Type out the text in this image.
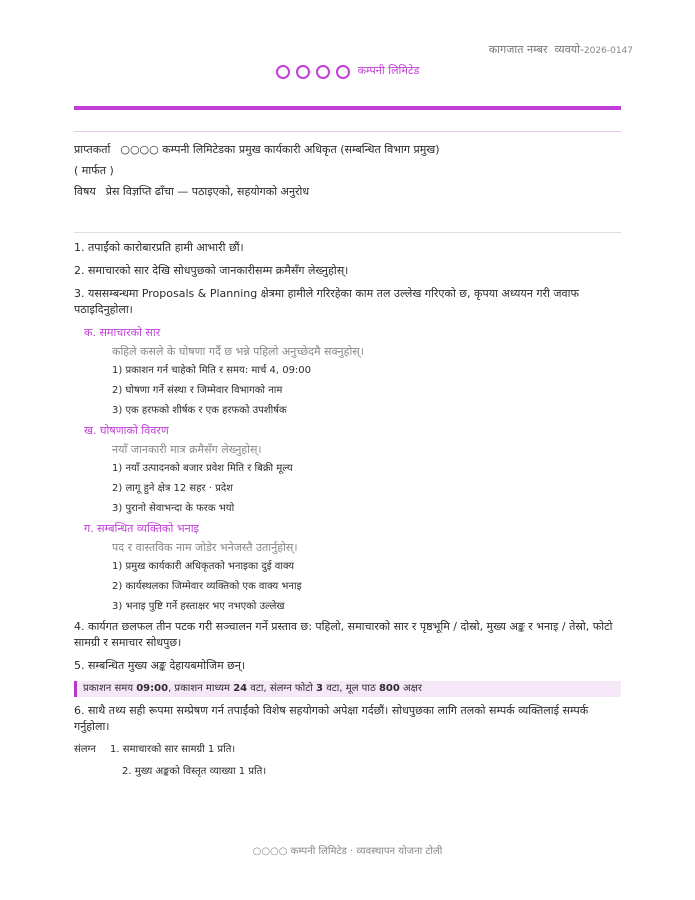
कागजात नम्बर व्यवयो-2026-0147
कम्पनी लिमिटेड
प्राप्तकर्ता ○○○○ कम्पनी लिमिटेडका प्रमुख कार्यकारी अधिकृत (सम्बन्धित विभाग प्रमुख)
( मार्फत )
विषय प्रेस विज्ञप्ति ढाँचा — पठाइएको, सहयोगको अनुरोध
1. तपाईंको कारोबारप्रति हामी आभारी छौं।
2. समाचारको सार देखि सोधपुछको जानकारीसम्म क्रमैसँग लेख्नुहोस्।
3. यससम्बन्धमा Proposals & Planning क्षेत्रमा हामीले गरिरहेका काम तल उल्लेख गरिएको छ, कृपया अध्ययन गरी जवाफ पठाइदिनुहोला।
क. समाचारको सार
कहिले कसले के घोषणा गर्दै छ भन्ने पहिलो अनुच्छेदमै सक्नुहोस्।
1) प्रकाशन गर्न चाहेको मिति र समय: मार्च 4, 09:00
2) घोषणा गर्ने संस्था र जिम्मेवार विभागको नाम
3) एक हरफको शीर्षक र एक हरफको उपशीर्षक
ख. घोषणाको विवरण
नयाँ जानकारी मात्र क्रमैसँग लेख्नुहोस्।
1) नयाँ उत्पादनको बजार प्रवेश मिति र बिक्री मूल्य
2) लागू हुने क्षेत्र 12 सहर · प्रदेश
3) पुरानो सेवाभन्दा के फरक भयो
ग. सम्बन्धित व्यक्तिको भनाइ
पद र वास्तविक नाम जोडेर भनेजस्तै उतार्नुहोस्।
1) प्रमुख कार्यकारी अधिकृतको भनाइका दुई वाक्य
2) कार्यस्थलका जिम्मेवार व्यक्तिको एक वाक्य भनाइ
3) भनाइ पुष्टि गर्ने हस्ताक्षर भए नभएको उल्लेख
4. कार्यगत छलफल तीन पटक गरी सञ्चालन गर्ने प्रस्ताव छ: पहिलो, समाचारको सार र पृष्ठभूमि / दोस्रो, मुख्य अङ्क र भनाइ / तेस्रो, फोटो सामग्री र समाचार सोधपुछ।
5. सम्बन्धित मुख्य अङ्क देहायबमोजिम छन्।
प्रकाशन समय 09:00, प्रकाशन माध्यम 24 वटा, संलग्न फोटो 3 वटा, मूल पाठ 800 अक्षर
6. साथै तथ्य सही रूपमा सम्प्रेषण गर्न तपाईंको विशेष सहयोगको अपेक्षा गर्दछौं। सोधपुछका लागि तलको सम्पर्क व्यक्तिलाई सम्पर्क गर्नुहोला।
संलग्न 1. समाचारको सार सामग्री 1 प्रति।
2. मुख्य अङ्कको विस्तृत व्याख्या 1 प्रति।
○○○○ कम्पनी लिमिटेड · व्यवस्थापन योजना टोली
